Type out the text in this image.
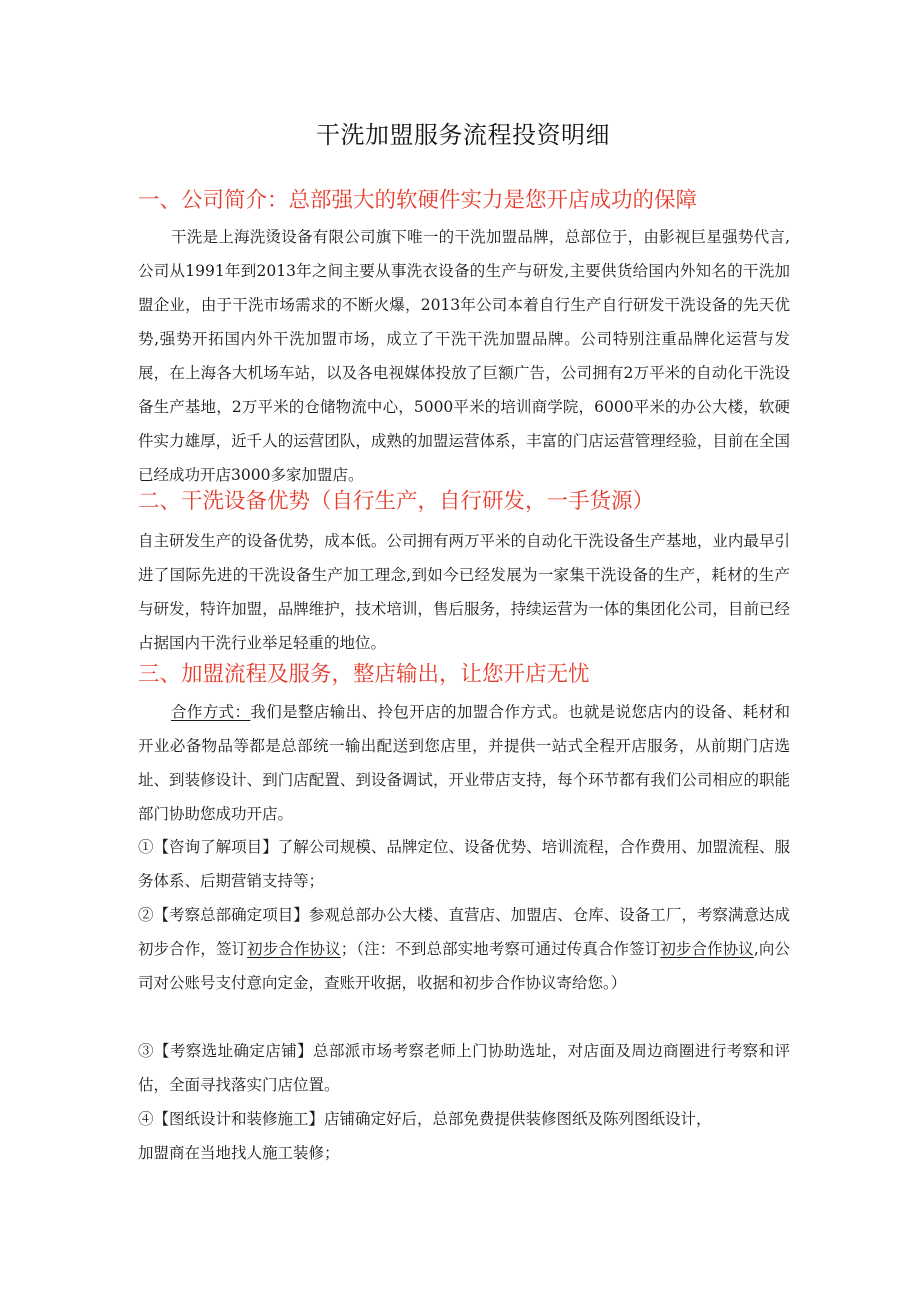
干洗加盟服务流程投资明细
一、公司简介：总部强大的软硬件实力是您开店成功的保障
干洗是上海洗烫设备有限公司旗下唯一的干洗加盟品牌，总部位于，由影视巨星强势代言,公司从1991年到2013年之间主要从事洗衣设备的生产与研发,主要供货给国内外知名的干洗加盟企业，由于干洗市场需求的不断火爆，2013年公司本着自行生产自行研发干洗设备的先天优势,强势开拓国内外干洗加盟市场，成立了干洗干洗加盟品牌。公司特别注重品牌化运营与发展，在上海各大机场车站，以及各电视媒体投放了巨额广告，公司拥有2万平米的自动化干洗设备生产基地，2万平米的仓储物流中心，5000平米的培训商学院，6000平米的办公大楼，软硬件实力雄厚，近千人的运营团队，成熟的加盟运营体系，丰富的门店运营管理经验，目前在全国已经成功开店3000多家加盟店。
二、干洗设备优势（自行生产，自行研发，一手货源）
自主研发生产的设备优势，成本低。公司拥有两万平米的自动化干洗设备生产基地，业内最早引进了国际先进的干洗设备生产加工理念,到如今已经发展为一家集干洗设备的生产，耗材的生产与研发，特许加盟，品牌维护，技术培训，售后服务，持续运营为一体的集团化公司，目前已经占据国内干洗行业举足轻重的地位。
三、加盟流程及服务，整店输出，让您开店无忧
合作方式：我们是整店输出、拎包开店的加盟合作方式。也就是说您店内的设备、耗材和开业必备物品等都是总部统一输出配送到您店里，并提供一站式全程开店服务，从前期门店选址、到装修设计、到门店配置、到设备调试，开业带店支持，每个环节都有我们公司相应的职能部门协助您成功开店。
①【咨询了解项目】了解公司规模、品牌定位、设备优势、培训流程，合作费用、加盟流程、服务体系、后期营销支持等；
②【考察总部确定项目】参观总部办公大楼、直营店、加盟店、仓库、设备工厂，考察满意达成初步合作，签订初步合作协议；（注：不到总部实地考察可通过传真合作签订初步合作协议,向公司对公账号支付意向定金，查账开收据，收据和初步合作协议寄给您。）
③【考察选址确定店铺】总部派市场考察老师上门协助选址，对店面及周边商圈进行考察和评估，全面寻找落实门店位置。
④【图纸设计和装修施工】店铺确定好后，总部免费提供装修图纸及陈列图纸设计，
加盟商在当地找人施工装修；
